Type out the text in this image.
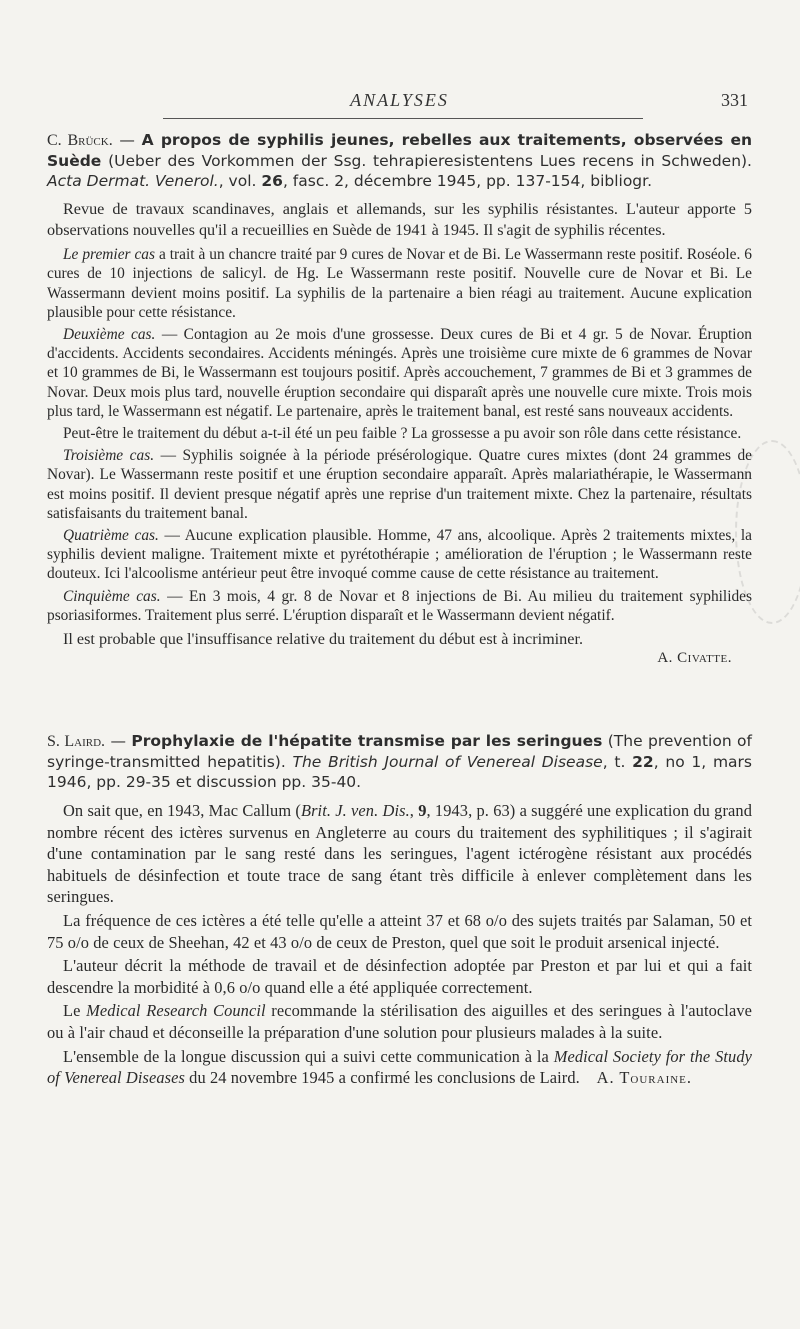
ANALYSES	331

C. Brück. — A propos de syphilis jeunes, rebelles aux traitements, observées en Suède (Ueber des Vorkommen der Ssg. tehrapieresistentens Lues recens in Schweden). Acta Dermat. Venerol., vol. 26, fasc. 2, décembre 1945, pp. 137-154, bibliogr.

Revue de travaux scandinaves, anglais et allemands, sur les syphilis résistantes. L'auteur apporte 5 observations nouvelles qu'il a recueillies en Suède de 1941 à 1945. Il s'agit de syphilis récentes.

Le premier cas a trait à un chancre traité par 9 cures de Novar et de Bi. Le Wassermann reste positif. Roséole. 6 cures de 10 injections de salicyl. de Hg. Le Wassermann reste positif. Nouvelle cure de Novar et Bi. Le Wassermann devient moins positif. La syphilis de la partenaire a bien réagi au traitement. Aucune explication plausible pour cette résistance.

Deuxième cas. — Contagion au 2e mois d'une grossesse. Deux cures de Bi et 4 gr. 5 de Novar. Éruption d'accidents. Accidents secondaires. Accidents méningés. Après une troisième cure mixte de 6 grammes de Novar et 10 grammes de Bi, le Wassermann est toujours positif. Après accouchement, 7 grammes de Bi et 3 grammes de Novar. Deux mois plus tard, nouvelle éruption secondaire qui disparaît après une nouvelle cure mixte. Trois mois plus tard, le Wassermann est négatif. Le partenaire, après le traitement banal, est resté sans nouveaux accidents.

Peut-être le traitement du début a-t-il été un peu faible ? La grossesse a pu avoir son rôle dans cette résistance.

Troisième cas. — Syphilis soignée à la période présérologique. Quatre cures mixtes (dont 24 grammes de Novar). Le Wassermann reste positif et une éruption secondaire apparaît. Après malariathérapie, le Wassermann est moins positif. Il devient presque négatif après une reprise d'un traitement mixte. Chez la partenaire, résultats satisfaisants du traitement banal.

Quatrième cas. — Aucune explication plausible. Homme, 47 ans, alcoolique. Après 2 traitements mixtes, la syphilis devient maligne. Traitement mixte et pyrétothérapie ; amélioration de l'éruption ; le Wassermann reste douteux. Ici l'alcoolisme antérieur peut être invoqué comme cause de cette résistance au traitement.

Cinquième cas. — En 3 mois, 4 gr. 8 de Novar et 8 injections de Bi. Au milieu du traitement syphilides psoriasiformes. Traitement plus serré. L'éruption disparaît et le Wassermann devient négatif.

Il est probable que l'insuffisance relative du traitement du début est à incriminer.

A. Civatte.

S. Laird. — Prophylaxie de l'hépatite transmise par les seringues (The prevention of syringe-transmitted hepatitis). The British Journal of Venereal Disease, t. 22, no 1, mars 1946, pp. 29-35 et discussion pp. 35-40.

On sait que, en 1943, Mac Callum (Brit. J. ven. Dis., 9, 1943, p. 63) a suggéré une explication du grand nombre récent des ictères survenus en Angleterre au cours du traitement des syphilitiques ; il s'agirait d'une contamination par le sang resté dans les seringues, l'agent ictérogène résistant aux procédés habituels de désinfection et toute trace de sang étant très difficile à enlever complètement dans les seringues.

La fréquence de ces ictères a été telle qu'elle a atteint 37 et 68 o/o des sujets traités par Salaman, 50 et 75 o/o de ceux de Sheehan, 42 et 43 o/o de ceux de Preston, quel que soit le produit arsenical injecté.

L'auteur décrit la méthode de travail et de désinfection adoptée par Preston et par lui et qui a fait descendre la morbidité à 0,6 o/o quand elle a été appliquée correctement.

Le Medical Research Council recommande la stérilisation des aiguilles et des seringues à l'autoclave ou à l'air chaud et déconseille la préparation d'une solution pour plusieurs malades à la suite.

L'ensemble de la longue discussion qui a suivi cette communication à la Medical Society for the Study of Venereal Diseases du 24 novembre 1945 a confirmé les conclusions de Laird. A. Touraine.
